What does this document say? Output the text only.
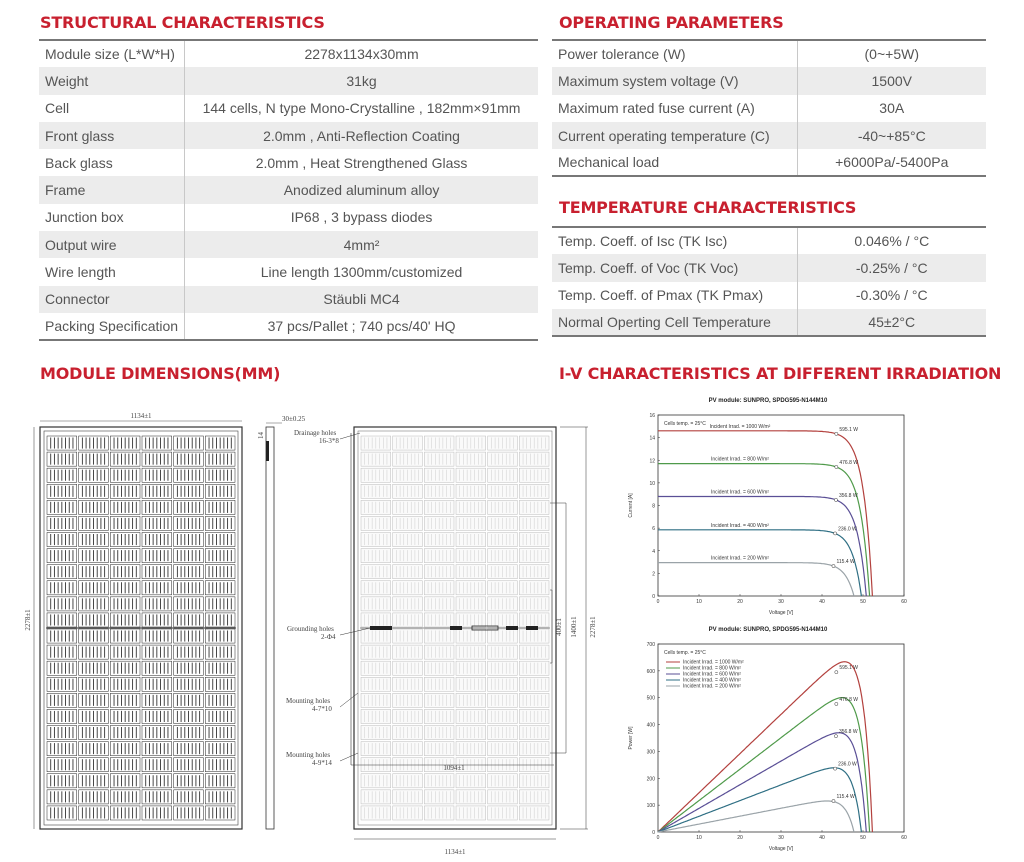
STRUCTURAL CHARACTERISTICS
Module size (L*W*H)	2278x1134x30mm
Weight	31kg
Cell	144 cells, N type Mono-Crystalline , 182mm×91mm
Front glass	2.0mm , Anti-Reflection Coating
Back glass	2.0mm , Heat Strengthened Glass
Frame	Anodized aluminum alloy
Junction box	IP68 , 3 bypass diodes
Output wire	4mm²
Wire length	Line length 1300mm/customized
Connector	Stäubli MC4
Packing Specification	37 pcs/Pallet ; 740 pcs/40' HQ
OPERATING PARAMETERS
Power tolerance (W)	(0~+5W)
Maximum system voltage (V)	1500V
Maximum rated fuse current (A)	30A
Current operating temperature (C)	-40~+85°C
Mechanical load	+6000Pa/-5400Pa
TEMPERATURE CHARACTERISTICS
Temp. Coeff. of Isc (TK Isc)	0.046% / °C
Temp. Coeff. of Voc (TK Voc)	-0.25% / °C
Temp. Coeff. of Pmax (TK Pmax)	-0.30% / °C
Normal Operting Cell Temperature	45±2°C
MODULE DIMENSIONS(MM)
1134±1
2278±1
30±0.25
14
1094±1
400±1 1400±1 2278±1
1134±1
Drainage holes
16-3*8
Grounding holes
2-Φ4
Mounting holes
4-7*10
Mounting holes
4-9*14
I-V CHARACTERISTICS AT DIFFERENT IRRADIATION
PV module: SUNPRO, SPDG595-N144M10
0	10	20	30	40	50	60
0
2
4
6
8
10
12
14
16
Voltage [V]
Current [A]
Cells temp. = 25°C
595.1 W
Incident Irrad. = 1000 W/m²
476.8 W
Incident Irrad. = 800 W/m²
356.8 W
Incident Irrad. = 600 W/m²
236.0 W
Incident Irrad. = 400 W/m²
115.4 W
Incident Irrad. = 200 W/m²
PV module: SUNPRO, SPDG595-N144M10
0	10	20	30	40	50	60
0
100
200
300
400
500
600
700
Voltage [V]
Power [W]
Cells temp. = 25°C
Incident Irrad. = 1000 W/m²
Incident Irrad. = 800 W/m²
Incident Irrad. = 600 W/m²
Incident Irrad. = 400 W/m²
Incident Irrad. = 200 W/m²
595.1 W
476.8 W
356.8 W
236.0 W
115.4 W
